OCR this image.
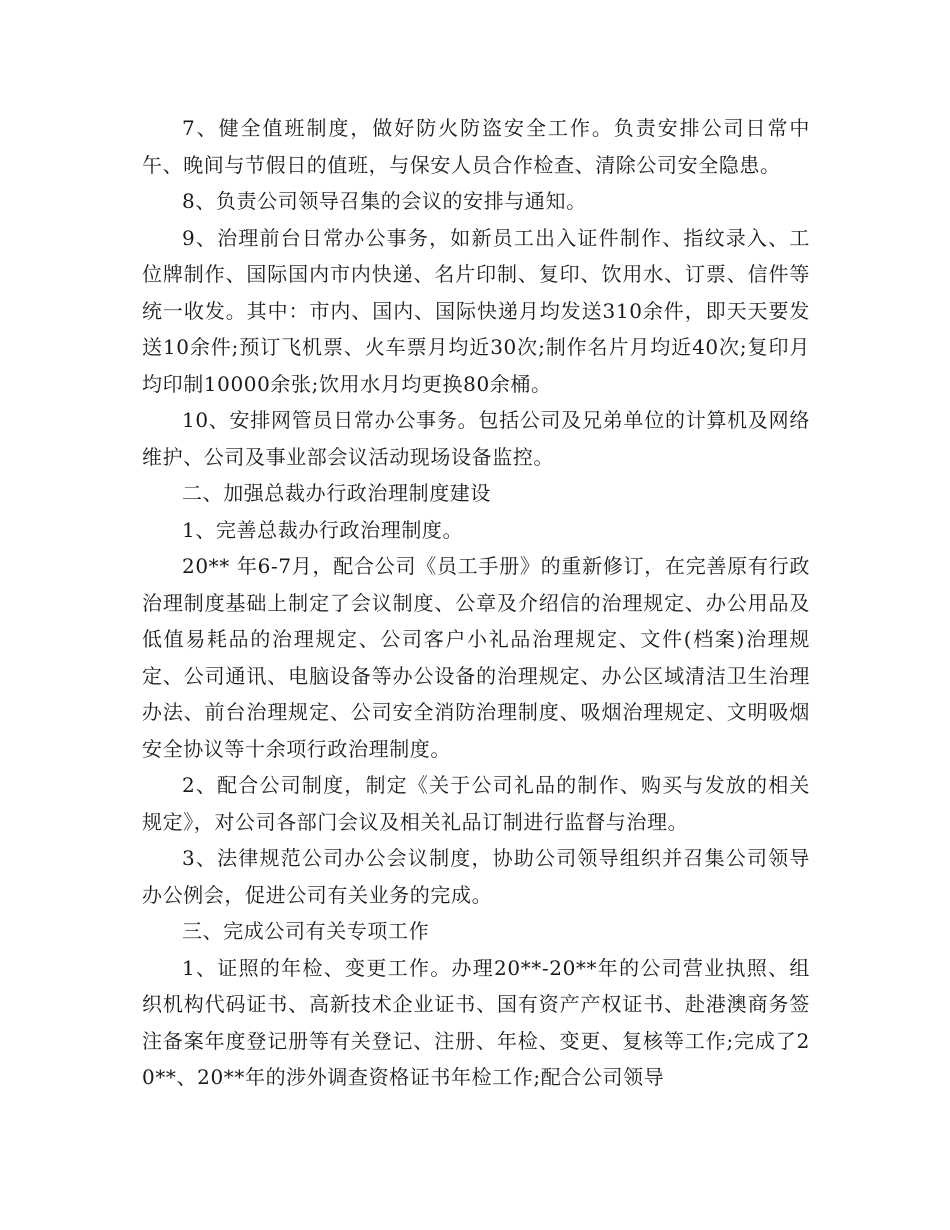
7、健全值班制度，做好防火防盗安全工作。负责安排公司日常中午、晚间与节假日的值班，与保安人员合作检查、清除公司安全隐患。

8、负责公司领导召集的会议的安排与通知。

9、治理前台日常办公事务，如新员工出入证件制作、指纹录入、工位牌制作、国际国内市内快递、名片印制、复印、饮用水、订票、信件等统一收发。其中：市内、国内、国际快递月均发送310余件，即天天要发送10余件;预订飞机票、火车票月均近30次;制作名片月均近40次;复印月均印制10000余张;饮用水月均更换80余桶。

10、安排网管员日常办公事务。包括公司及兄弟单位的计算机及网络维护、公司及事业部会议活动现场设备监控。

二、加强总裁办行政治理制度建设

1、完善总裁办行政治理制度。

20** 年6-7月，配合公司《员工手册》的重新修订，在完善原有行政治理制度基础上制定了会议制度、公章及介绍信的治理规定、办公用品及低值易耗品的治理规定、公司客户小礼品治理规定、文件(档案)治理规定、公司通讯、电脑设备等办公设备的治理规定、办公区域清洁卫生治理办法、前台治理规定、公司安全消防治理制度、吸烟治理规定、文明吸烟安全协议等十余项行政治理制度。

2、配合公司制度，制定《关于公司礼品的制作、购买与发放的相关规定》，对公司各部门会议及相关礼品订制进行监督与治理。

3、法律规范公司办公会议制度，协助公司领导组织并召集公司领导办公例会，促进公司有关业务的完成。

三、完成公司有关专项工作

1、证照的年检、变更工作。办理20**-20**年的公司营业执照、组织机构代码证书、高新技术企业证书、国有资产产权证书、赴港澳商务签注备案年度登记册等有关登记、注册、年检、变更、复核等工作;完成了20**、20**年的涉外调查资格证书年检工作;配合公司领导
